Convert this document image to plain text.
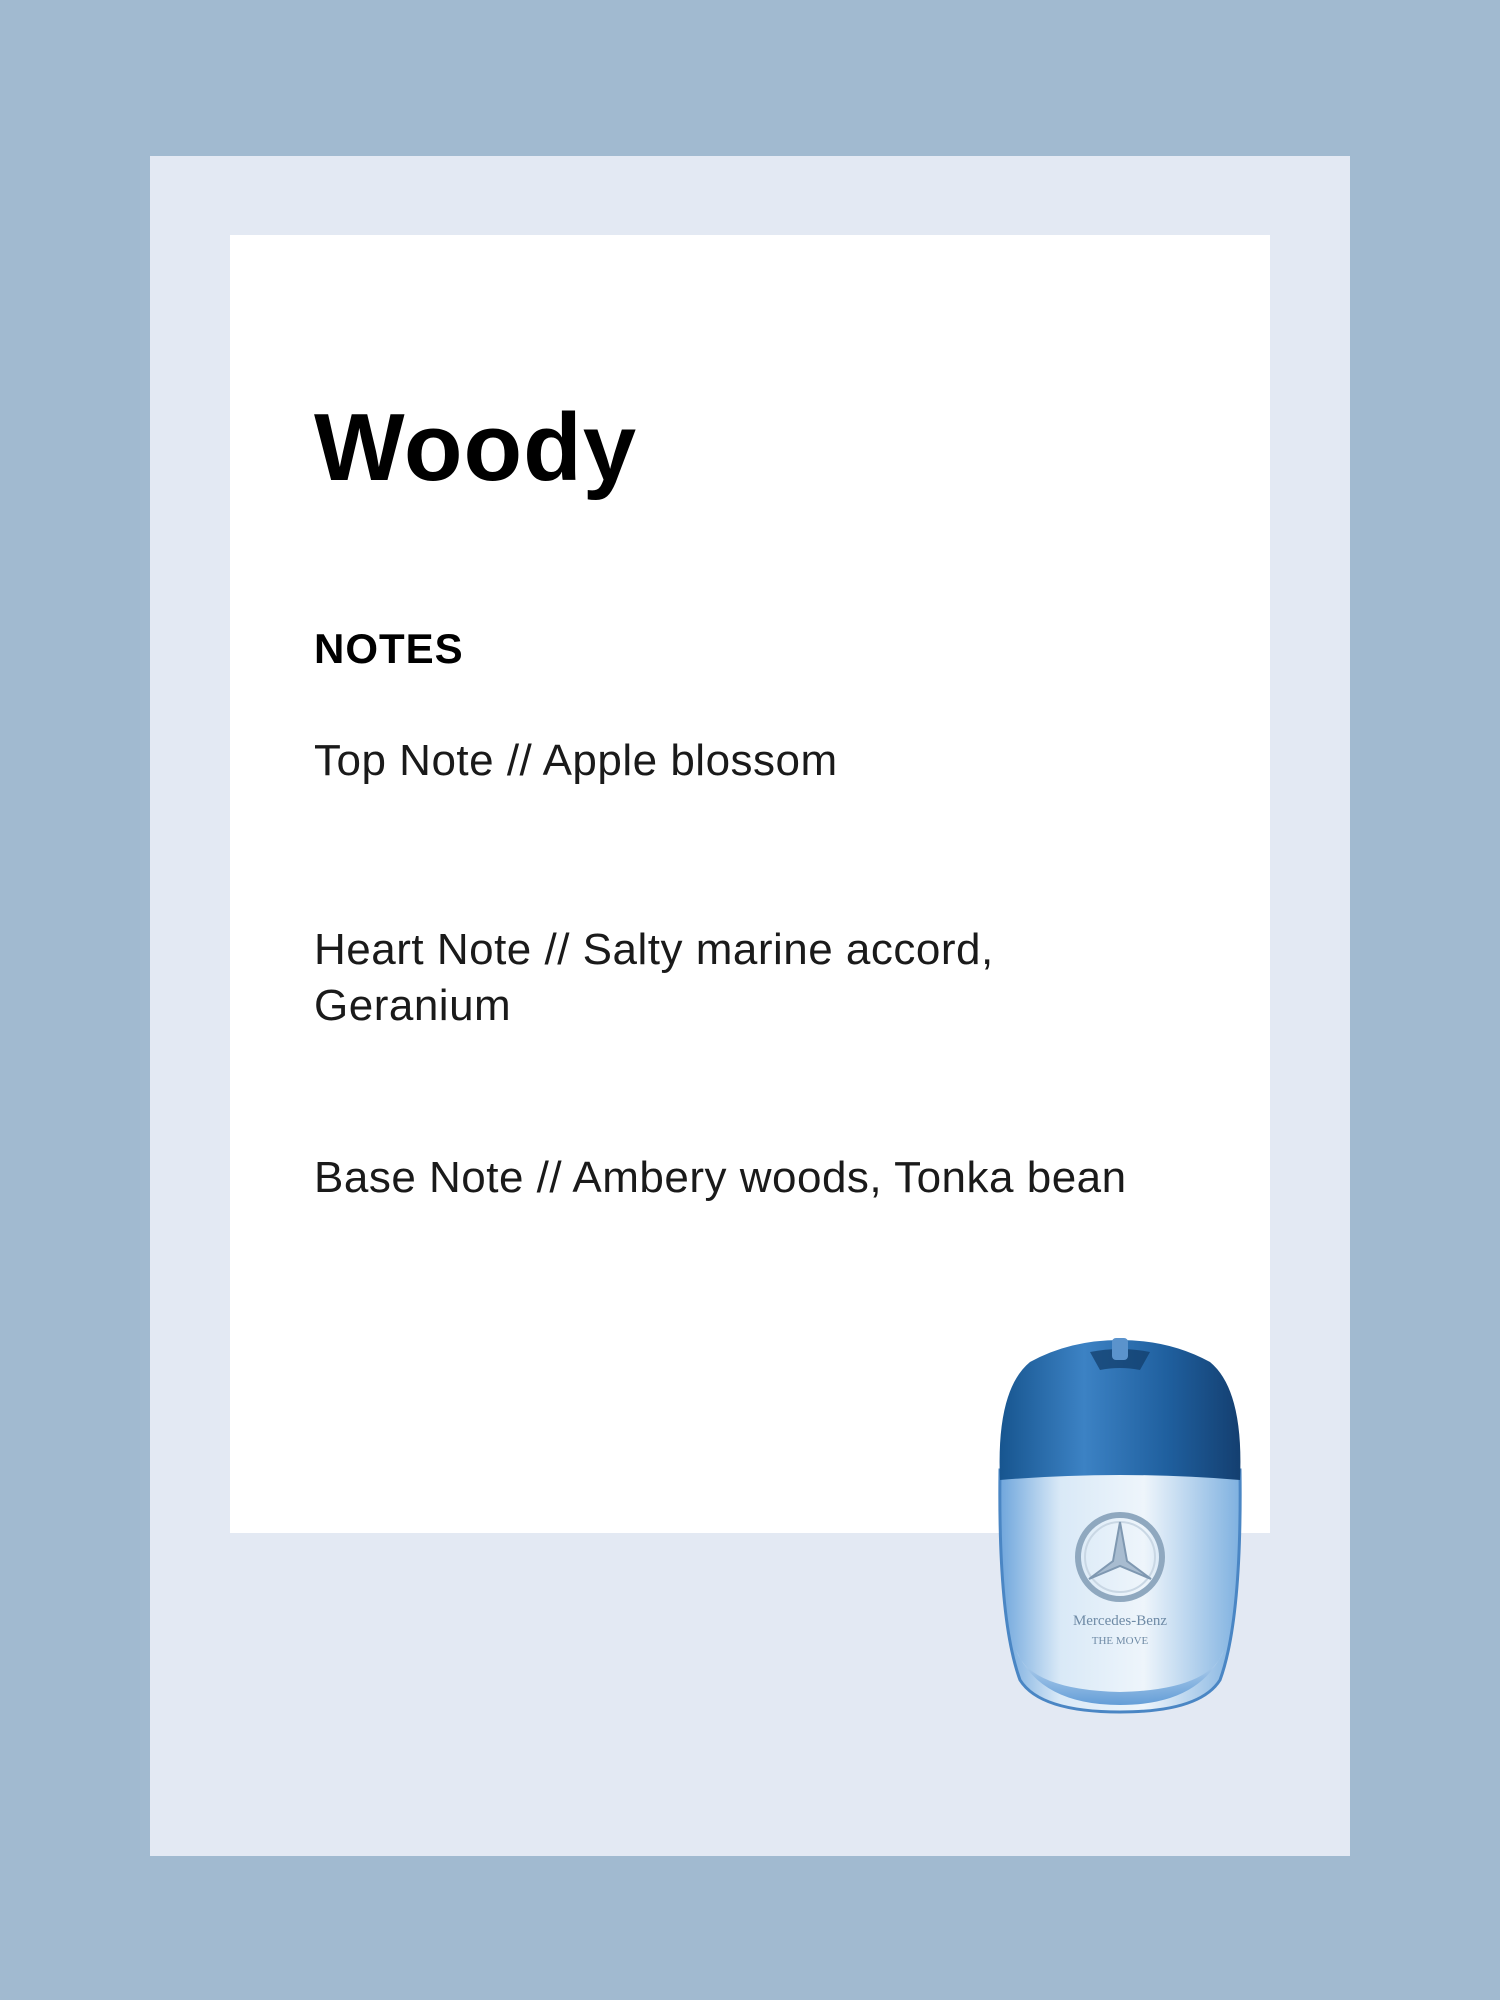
Woody
NOTES

Top Note // Apple blossom

Heart Note // Salty marine accord,
Geranium

Base Note // Ambery woods, Tonka bean

Mercedes-Benz
THE MOVE
